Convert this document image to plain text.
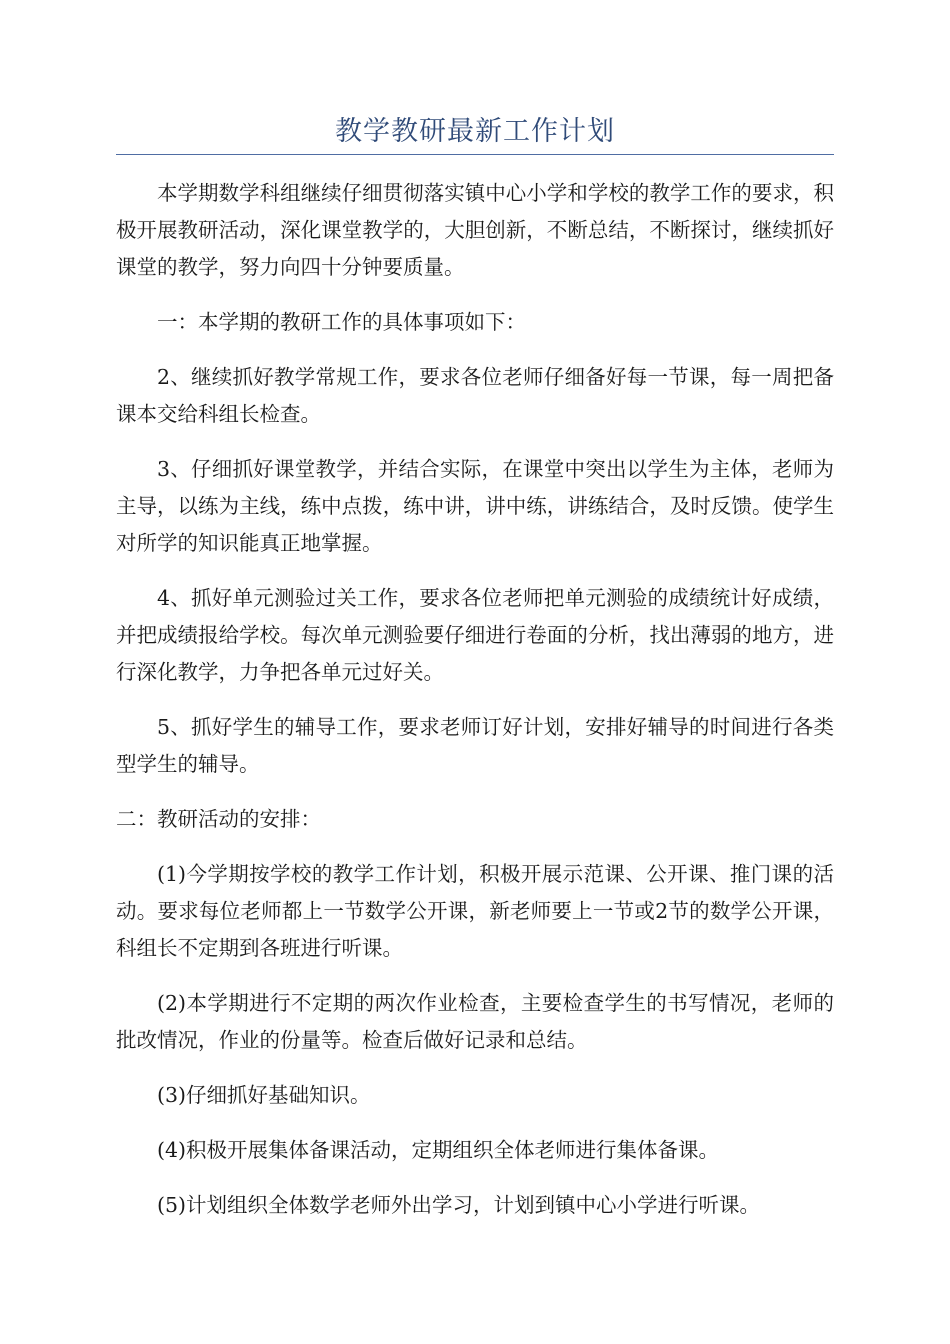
教学教研最新工作计划

本学期数学科组继续仔细贯彻落实镇中心小学和学校的教学工作的要求，积极开展教研活动，深化课堂教学的，大胆创新，不断总结，不断探讨，继续抓好课堂的教学，努力向四十分钟要质量。

一：本学期的教研工作的具体事项如下：

2、继续抓好教学常规工作，要求各位老师仔细备好每一节课，每一周把备课本交给科组长检查。

3、仔细抓好课堂教学，并结合实际，在课堂中突出以学生为主体，老师为主导，以练为主线，练中点拨，练中讲，讲中练，讲练结合，及时反馈。使学生对所学的知识能真正地掌握。

4、抓好单元测验过关工作，要求各位老师把单元测验的成绩统计好成绩，并把成绩报给学校。每次单元测验要仔细进行卷面的分析，找出薄弱的地方，进行深化教学，力争把各单元过好关。

5、抓好学生的辅导工作，要求老师订好计划，安排好辅导的时间进行各类型学生的辅导。

二：教研活动的安排：

(1)今学期按学校的教学工作计划，积极开展示范课、公开课、推门课的活动。要求每位老师都上一节数学公开课，新老师要上一节或2节的数学公开课，科组长不定期到各班进行听课。

(2)本学期进行不定期的两次作业检查，主要检查学生的书写情况，老师的批改情况，作业的份量等。检查后做好记录和总结。

(3)仔细抓好基础知识。

(4)积极开展集体备课活动，定期组织全体老师进行集体备课。

(5)计划组织全体数学老师外出学习，计划到镇中心小学进行听课。
